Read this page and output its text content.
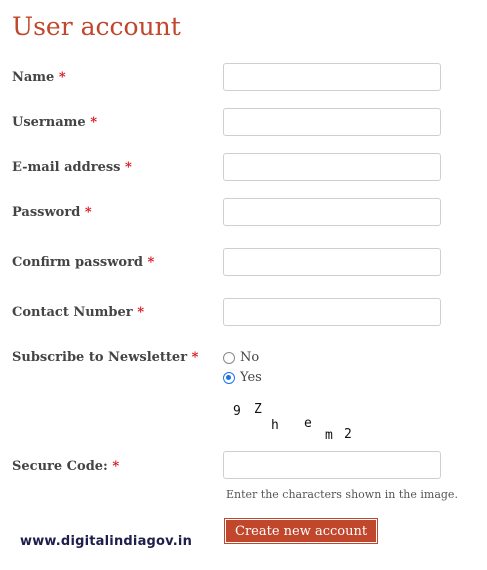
User account
Name *
Username *
E-mail address *
Password *
Confirm password *
Contact Number *
Subscribe to Newsletter *	No
Yes
9 Z
h e
m 2
Secure Code: *
Enter the characters shown in the image.
Create new account
www.digitalindiagov.in
